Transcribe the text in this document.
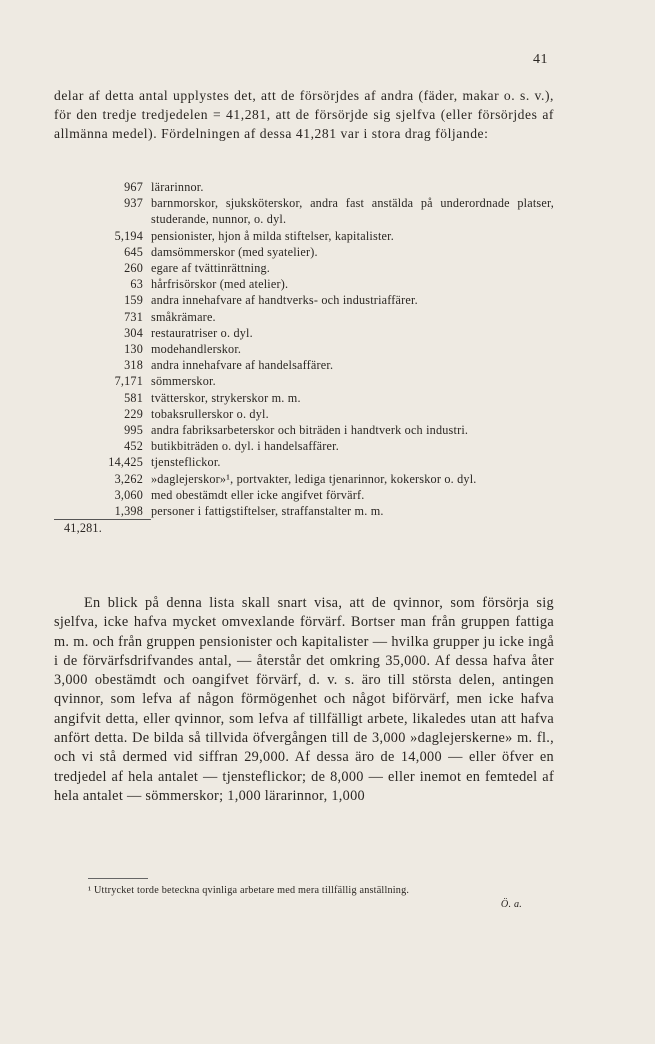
41

delar af detta antal upplystes det, att de försörjdes af andra (fäder, makar o. s. v.), för den tredje tredjedelen = 41,281, att de försörjde sig sjelfva (eller försörjdes af allmänna medel). Fördelningen af dessa 41,281 var i stora drag följande:

967 lärarinnor.
937 barnmorskor, sjuksköterskor, andra fast anstälda på underordnade platser, studerande, nunnor, o. dyl.
5,194 pensionister, hjon å milda stiftelser, kapitalister.
645 damsömmerskor (med syatelier).
260 egare af tvättinrättning.
63 hårfrisörskor (med atelier).
159 andra innehafvare af handtverks- och industriaffärer.
731 småkrämare.
304 restauratriser o. dyl.
130 modehandlerskor.
318 andra innehafvare af handelsaffärer.
7,171 sömmerskor.
581 tvätterskor, strykerskor m. m.
229 tobaksrullerskor o. dyl.
995 andra fabriksarbeterskor och biträden i handtverk och industri.
452 butikbiträden o. dyl. i handelsaffärer.
14,425 tjensteflickor.
3,262 »daglejerskor»¹, portvakter, lediga tjenarinnor, kokerskor o. dyl.
3,060 med obestämdt eller icke angifvet förvärf.
1,398 personer i fattigstiftelser, straffanstalter m. m.
41,281.

En blick på denna lista skall snart visa, att de qvinnor, som försörja sig sjelfva, icke hafva mycket omvexlande förvärf. Bortser man från gruppen fattiga m. m. och från gruppen pensionister och kapitalister — hvilka grupper ju icke ingå i de förvärfsdrifvandes antal, — återstår det omkring 35,000. Af dessa hafva åter 3,000 obestämdt och oangifvet förvärf, d. v. s. äro till största delen, antingen qvinnor, som lefva af någon förmögenhet och något biförvärf, men icke hafva angifvit detta, eller qvinnor, som lefva af tillfälligt arbete, likaledes utan att hafva anfört detta. De bilda så tillvida öfvergången till de 3,000 »daglejerskerne» m. fl., och vi stå dermed vid siffran 29,000. Af dessa äro de 14,000 — eller öfver en tredjedel af hela antalet — tjensteflickor; de 8,000 — eller inemot en femtedel af hela antalet — sömmerskor; 1,000 lärarinnor, 1,000

¹ Uttrycket torde beteckna qvinliga arbetare med mera tillfällig anställning.
Ö. a.
